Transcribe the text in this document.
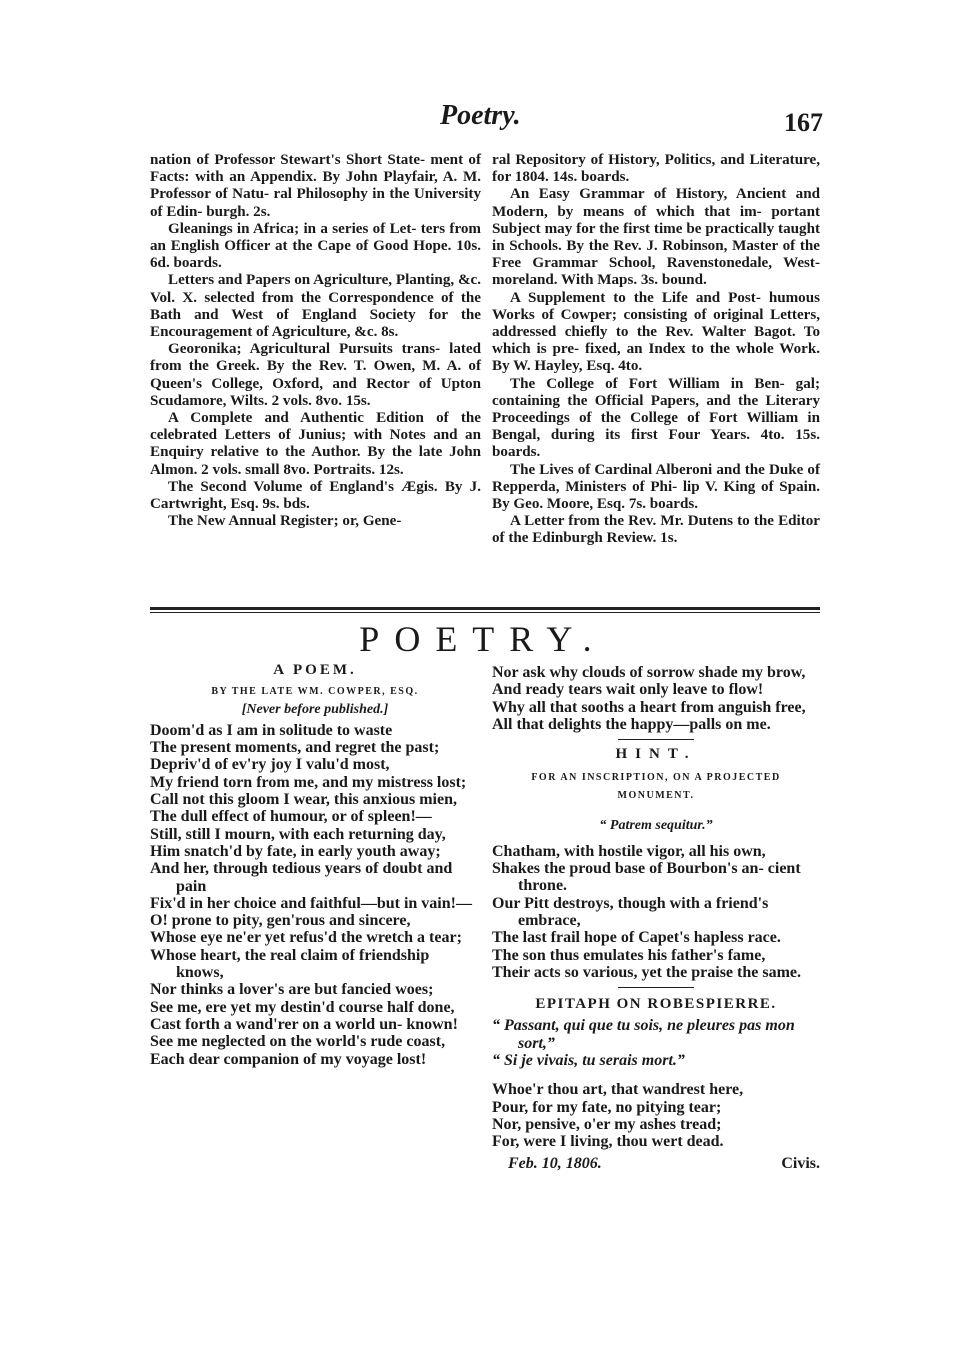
Poetry.	167

nation of Professor Stewart's Short State- ment of Facts: with an Appendix. By John Playfair, A. M. Professor of Natu- ral Philosophy in the University of Edin- burgh. 2s.

Gleanings in Africa; in a series of Let- ters from an English Officer at the Cape of Good Hope. 10s. 6d. boards.

Letters and Papers on Agriculture, Planting, &c. Vol. X. selected from the Correspondence of the Bath and West of England Society for the Encouragement of Agriculture, &c. 8s.

Georonika; Agricultural Pursuits trans- lated from the Greek. By the Rev. T. Owen, M. A. of Queen's College, Oxford, and Rector of Upton Scudamore, Wilts. 2 vols. 8vo. 15s.

A Complete and Authentic Edition of the celebrated Letters of Junius; with Notes and an Enquiry relative to the Author. By the late John Almon. 2 vols. small 8vo. Portraits. 12s.

The Second Volume of England's Ægis. By J. Cartwright, Esq. 9s. bds.

The New Annual Register; or, Gene-

ral Repository of History, Politics, and Literature, for 1804. 14s. boards.

An Easy Grammar of History, Ancient and Modern, by means of which that im- portant Subject may for the first time be practically taught in Schools. By the Rev. J. Robinson, Master of the Free Grammar School, Ravenstonedale, West- moreland. With Maps. 3s. bound.

A Supplement to the Life and Post- humous Works of Cowper; consisting of original Letters, addressed chiefly to the Rev. Walter Bagot. To which is pre- fixed, an Index to the whole Work. By W. Hayley, Esq. 4to.

The College of Fort William in Ben- gal; containing the Official Papers, and the Literary Proceedings of the College of Fort William in Bengal, during its first Four Years. 4to. 15s. boards.

The Lives of Cardinal Alberoni and the Duke of Repperda, Ministers of Phi- lip V. King of Spain. By Geo. Moore, Esq. 7s. boards.

A Letter from the Rev. Mr. Dutens to the Editor of the Edinburgh Review. 1s.

POETRY.
A POEM.
BY THE LATE WM. COWPER, ESQ.
[Never before published.]
Doom'd as I am in solitude to waste
The present moments, and regret the past;
Depriv'd of ev'ry joy I valu'd most,
My friend torn from me, and my mistress lost;
Call not this gloom I wear, this anxious mien,
The dull effect of humour, or of spleen!—
Still, still I mourn, with each returning day,
Him snatch'd by fate, in early youth away;
And her, through tedious years of doubt and pain
Fix'd in her choice and faithful—but in vain!—
O! prone to pity, gen'rous and sincere,
Whose eye ne'er yet refus'd the wretch a tear;
Whose heart, the real claim of friendship knows,
Nor thinks a lover's are but fancied woes;
See me, ere yet my destin'd course half done,
Cast forth a wand'rer on a world un- known!
See me neglected on the world's rude coast,
Each dear companion of my voyage lost!
Nor ask why clouds of sorrow shade my brow,
And ready tears wait only leave to flow!
Why all that sooths a heart from anguish free,
All that delights the happy—palls on me.
HINT.
FOR AN INSCRIPTION, ON A PROJECTED MONUMENT.
“ Patrem sequitur.”
Chatham, with hostile vigor, all his own,
Shakes the proud base of Bourbon's an- cient throne.
Our Pitt destroys, though with a friend's embrace,
The last frail hope of Capet's hapless race.
The son thus emulates his father's fame,
Their acts so various, yet the praise the same.
EPITAPH ON ROBESPIERRE.
“ Passant, qui que tu sois, ne pleures pas mon sort,”
“ Si je vivais, tu serais mort.”
Whoe'r thou art, that wandrest here,
Pour, for my fate, no pitying tear;
Nor, pensive, o'er my ashes tread;
For, were I living, thou wert dead.
Feb. 10, 1806.	Civis.
